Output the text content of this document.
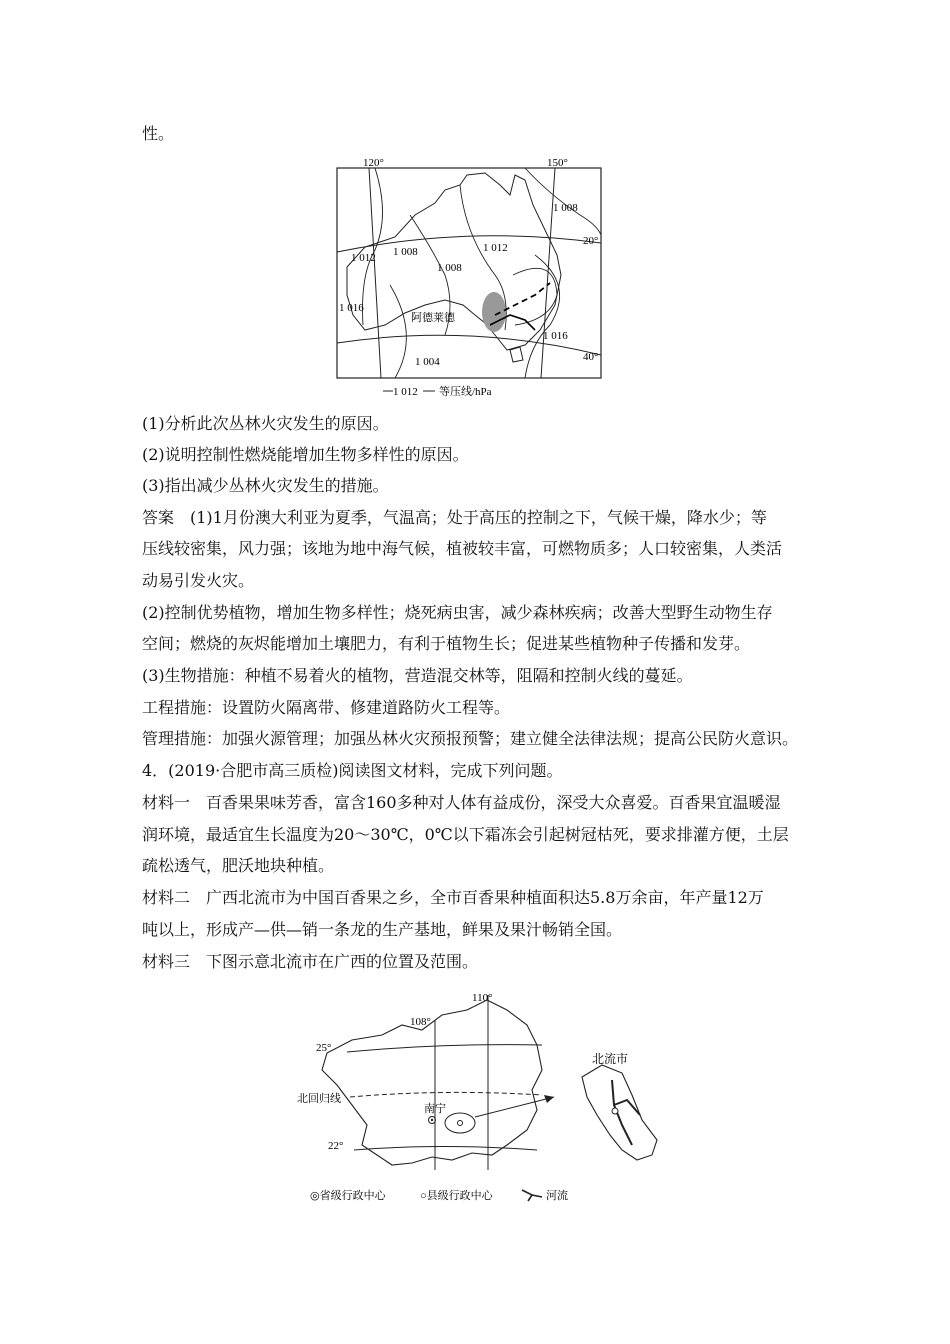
性。
120°	150°
20°
40°
1 008
1 008	1 012
1 012
1 008
1 016
1 016
1 004
阿德莱德
1 012 等压线/hPa
(1)分析此次丛林火灾发生的原因。
(2)说明控制性燃烧能增加生物多样性的原因。
(3)指出减少丛林火灾发生的措施。
答案　(1)1月份澳大利亚为夏季，气温高；处于高压的控制之下，气候干燥，降水少；等
压线较密集，风力强；该地为地中海气候，植被较丰富，可燃物质多；人口较密集，人类活
动易引发火灾。
(2)控制优势植物，增加生物多样性；烧死病虫害，减少森林疾病；改善大型野生动物生存
空间；燃烧的灰烬能增加土壤肥力，有利于植物生长；促进某些植物种子传播和发芽。
(3)生物措施：种植不易着火的植物，营造混交林等，阻隔和控制火线的蔓延。
工程措施：设置防火隔离带、修建道路防火工程等。
管理措施：加强火源管理；加强丛林火灾预报预警；建立健全法律法规；提高公民防火意识。
4．(2019·合肥市高三质检)阅读图文材料，完成下列问题。
材料一　百香果果味芳香，富含160多种对人体有益成份，深受大众喜爱。百香果宜温暖湿
润环境，最适宜生长温度为20～30℃，0℃以下霜冻会引起树冠枯死，要求排灌方便，土层
疏松透气，肥沃地块种植。
材料二　广西北流市为中国百香果之乡，全市百香果种植面积达5.8万余亩，年产量12万
吨以上，形成产—供—销一条龙的生产基地，鲜果及果汁畅销全国。
材料三　下图示意北流市在广西的位置及范围。
110°
108°
25°
22°
北回归线
南宁
北流市
◎省级行政中心	○县级行政中心	河流
